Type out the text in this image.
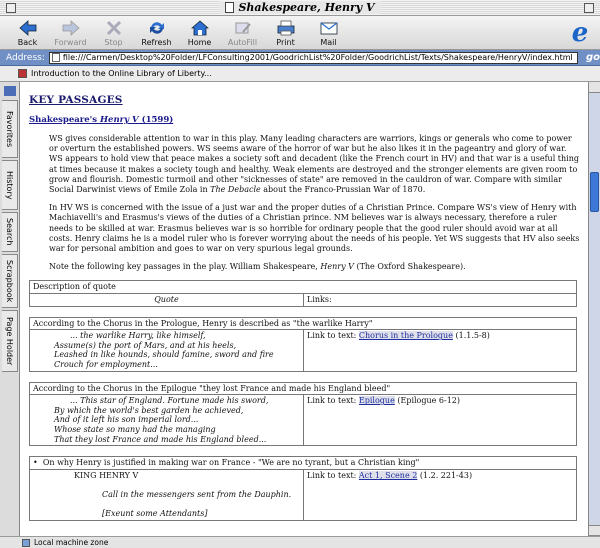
Shakespeare, Henry V
Back Forward Stop Refresh Home AutoFill Print	Mail	e
Address:	file:///Carmen/Desktop%20Folder/LFConsulting2001/GoodrichList%20Folder/GoodrichList/Texts/Shakespeare/HenryV/index.html go
Introduction to the Online Library of Liberty...
Favorites
History
Search
Scrapbook
Page Holder
KEY PASSAGES
Shakespeare's Henry V (1599)

WS gives considerable attention to war in this play. Many leading characters are warriors, kings or generals who come to power or overturn the established powers. WS seems aware of the horror of war but he also likes it in the pageantry and glory of war. WS appears to hold view that peace makes a society soft and decadent (like the French court in HV) and that war is a useful thing at times because it makes a society tough and healthy. Weak elements are destroyed and the stronger elements are given room to grow and flourish. Domestic turmoil and other "sicknesses of state" are removed in the cauldron of war. Compare with similar Social Darwinist views of Emile Zola in The Debacle about the Franco-Prussian War of 1870.

In HV WS is concerned with the issue of a just war and the proper duties of a Christian Prince. Compare WS's view of Henry with Machiavelli's and Erasmus's views of the duties of a Christian prince. NM believes war is always necessary, therefore a ruler needs to be skilled at war. Erasmus believes war is so horrible for ordinary people that the good ruler should avoid war at all costs. Henry claims he is a model ruler who is forever worrying about the needs of his people. Yet WS suggests that HV also seeks war for personal ambition and goes to war on very spurious legal grounds.

Note the following key passages in the play. William Shakespeare, Henry V (The Oxford Shakespeare).

Description of quote
Quote	Links:
According to the Chorus in the Prologue, Henry is described as "the warlike Harry"

... the warlike Harry, like himself,
Assume(s) the port of Mars, and at his heels,
Leashed in like hounds, should famine, sword and fire
Crouch for employment...
	Link to text: Chorus in the Prologue (1.1.5-8)
According to the Chorus in the Epilogue "they lost France and made his England bleed"

... This star of England. Fortune made his sword,
By which the world's best garden he achieved,
And of it left his son imperial lord...
Whose state so many had the managing
That they lost France and made his England bleed...
	Link to text: Epilogue (Epilogue 6-12)
•  On why Henry is justified in making war on France - "We are no tyrant, but a Christian king"

KING HENRY V

Call in the messengers sent from the Dauphin.

[Exeunt some Attendants]
	Link to text: Act 1, Scene 2 (1.2. 221-43)
Local machine zone
